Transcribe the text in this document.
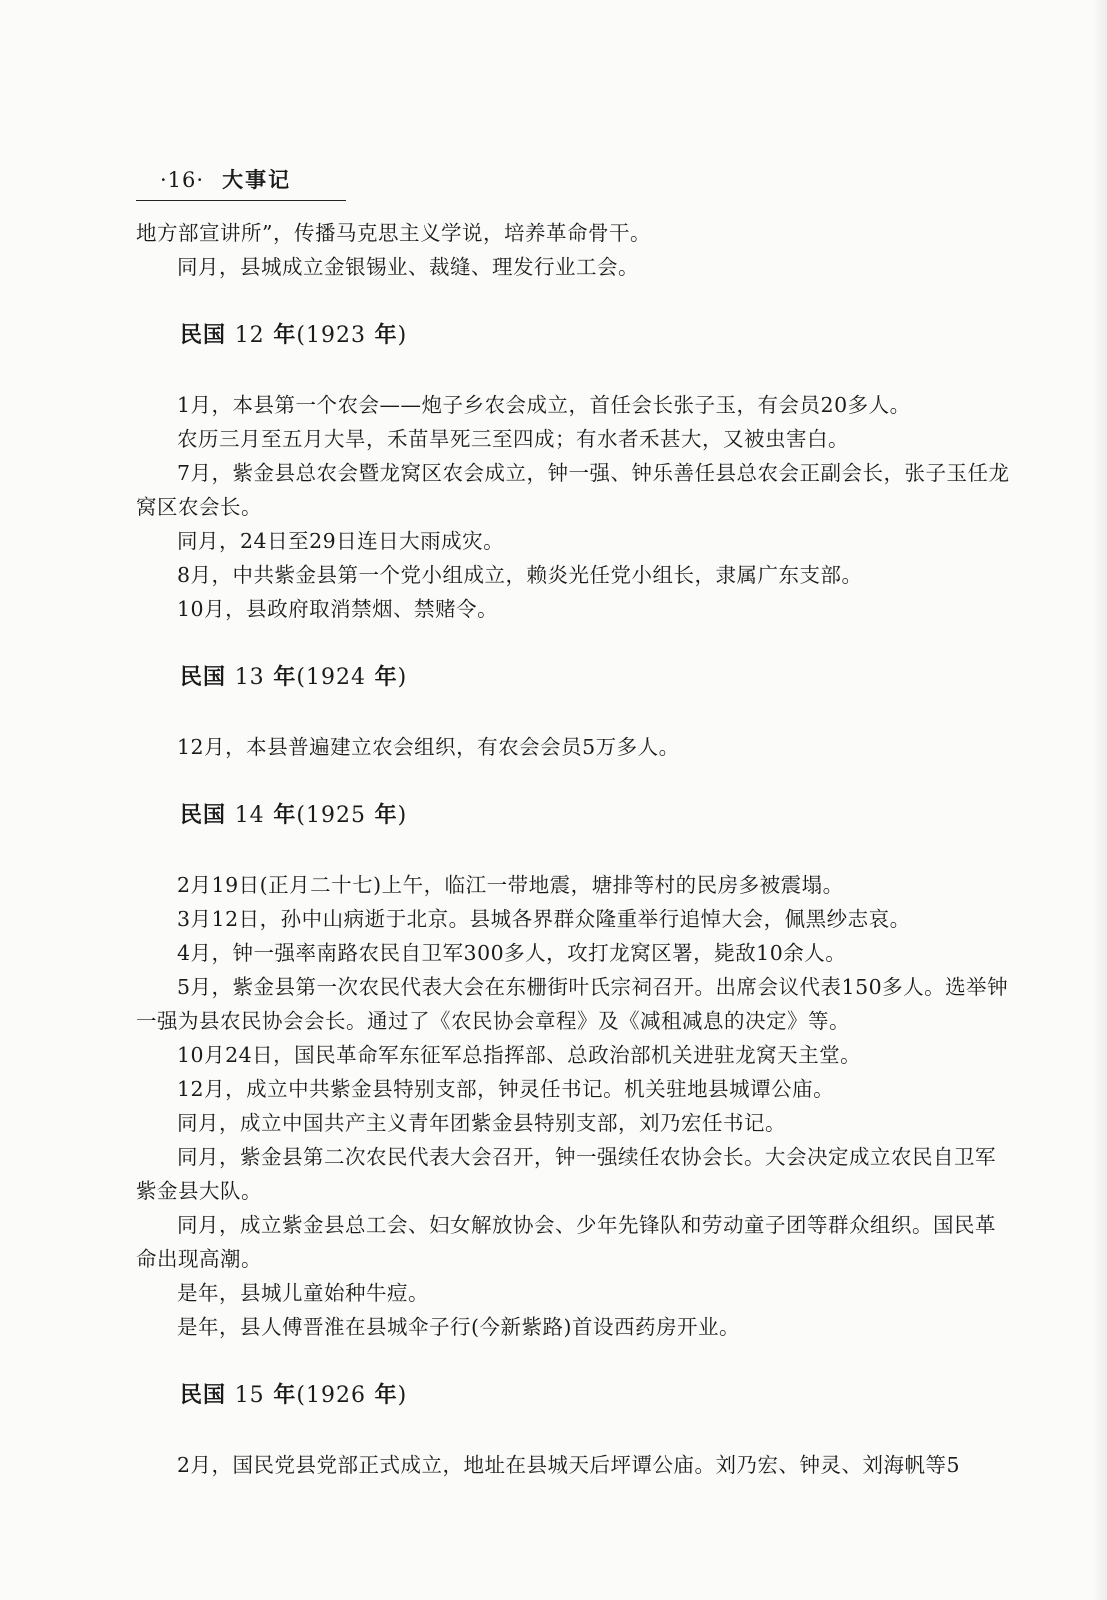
·16· 大事记

地方部宣讲所”，传播马克思主义学说，培养革命骨干。

同月，县城成立金银锡业、裁缝、理发行业工会。

民国 12 年(1923 年)

1月，本县第一个农会——炮子乡农会成立，首任会长张子玉，有会员20多人。

农历三月至五月大旱，禾苗旱死三至四成；有水者禾甚大，又被虫害白。

7月，紫金县总农会暨龙窝区农会成立，钟一强、钟乐善任县总农会正副会长，张子玉任龙窝区农会长。

同月，24日至29日连日大雨成灾。

8月，中共紫金县第一个党小组成立，赖炎光任党小组长，隶属广东支部。

10月，县政府取消禁烟、禁赌令。

民国 13 年(1924 年)

12月，本县普遍建立农会组织，有农会会员5万多人。

民国 14 年(1925 年)

2月19日(正月二十七)上午，临江一带地震，塘排等村的民房多被震塌。

3月12日，孙中山病逝于北京。县城各界群众隆重举行追悼大会，佩黑纱志哀。

4月，钟一强率南路农民自卫军300多人，攻打龙窝区署，毙敌10余人。

5月，紫金县第一次农民代表大会在东栅街叶氏宗祠召开。出席会议代表150多人。选举钟一强为县农民协会会长。通过了《农民协会章程》及《减租减息的决定》等。

10月24日，国民革命军东征军总指挥部、总政治部机关进驻龙窝天主堂。

12月，成立中共紫金县特别支部，钟灵任书记。机关驻地县城谭公庙。

同月，成立中国共产主义青年团紫金县特别支部，刘乃宏任书记。

同月，紫金县第二次农民代表大会召开，钟一强续任农协会长。大会决定成立农民自卫军紫金县大队。

同月，成立紫金县总工会、妇女解放协会、少年先锋队和劳动童子团等群众组织。国民革命出现高潮。

是年，县城儿童始种牛痘。

是年，县人傅晋淮在县城伞子行(今新紫路)首设西药房开业。

民国 15 年(1926 年)

2月，国民党县党部正式成立，地址在县城天后坪谭公庙。刘乃宏、钟灵、刘海帆等5
